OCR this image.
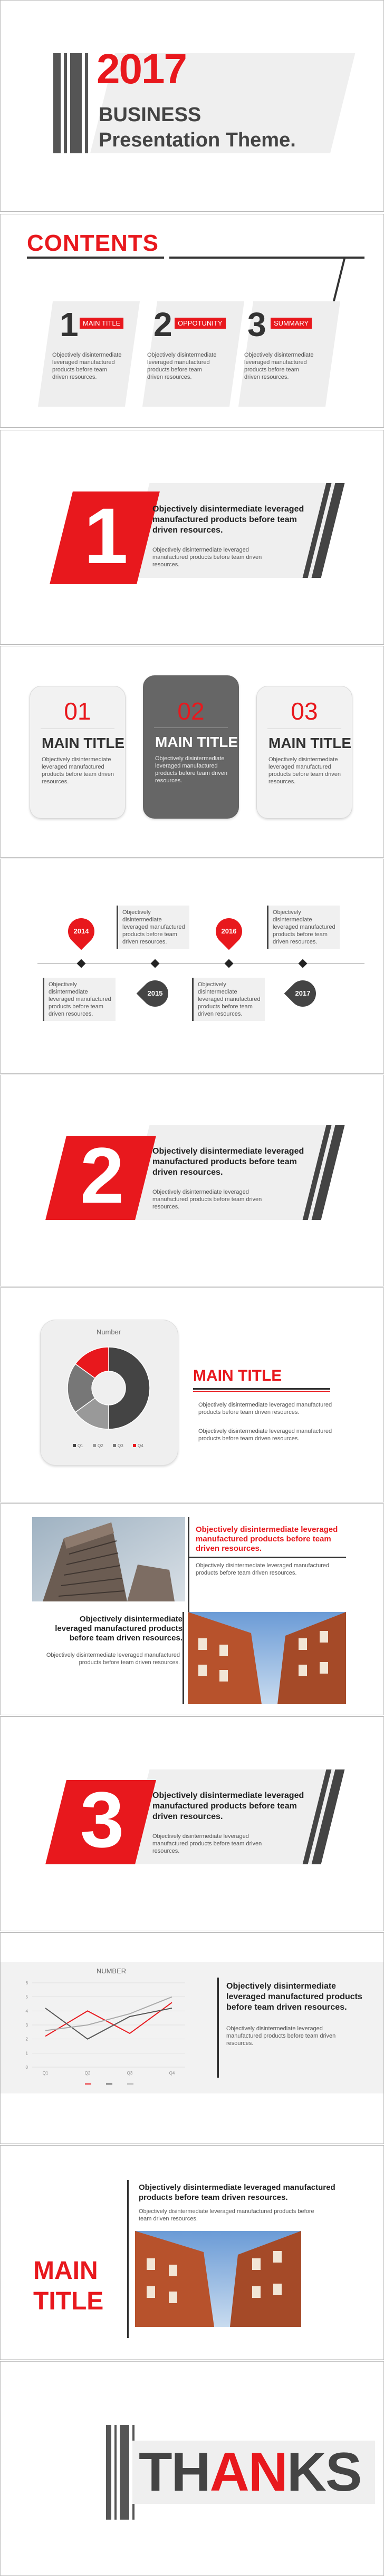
2017
BUSINESS
Presentation Theme.
CONTENTS
1 MAIN TITLE
Objectively disintermediate leveraged manufactured products before team driven resources.
2 OPPOTUNITY
Objectively disintermediate leveraged manufactured products before team driven resources.
3	SUMMARY
Objectively disintermediate leveraged manufactured products before team driven resources.
1	Objectively disintermediate leveraged manufactured products before team driven resources.
Objectively disintermediate leveraged manufactured products before team driven resources.
01
MAIN TITLE
Objectively disintermediate leveraged manufactured products before team driven resources.
02
MAIN TITLE
Objectively disintermediate leveraged manufactured products before team driven resources.
03
MAIN TITLE
Objectively disintermediate leveraged manufactured products before team driven resources.
2014
Objectively disintermediate leveraged manufactured products before team driven resources.
2015
Objectively disintermediate leveraged manufactured products before team driven resources.
2016
Objectively disintermediate leveraged manufactured products before team driven resources.
2017
Objectively disintermediate leveraged manufactured products before team driven resources.
2	Objectively disintermediate leveraged manufactured products before team driven resources.
Objectively disintermediate leveraged manufactured products before team driven resources.
Number
Q1	Q2	Q3	Q4
MAIN TITLE
Objectively disintermediate leveraged manufactured products before team driven resources.
Objectively disintermediate leveraged manufactured products before team driven resources.
Objectively disintermediate leveraged manufactured products before team driven resources.
Objectively disintermediate leveraged manufactured products before team driven resources.
Objectively disintermediate leveraged manufactured products before team driven resources.
Objectively disintermediate leveraged manufactured products before team driven resources.
3	Objectively disintermediate leveraged manufactured products before team driven resources.
Objectively disintermediate leveraged manufactured products before team driven resources.
NUMBER
0
1
2
3
4
5
6
Q1	Q2	Q3	Q4
Objectively disintermediate leveraged manufactured products before team driven resources.
Objectively disintermediate leveraged manufactured products before team driven resources.
Objectively disintermediate leveraged manufactured products before team driven resources.
Objectively disintermediate leveraged manufactured products before team driven resources.
MAIN
TITLE
THANKS
